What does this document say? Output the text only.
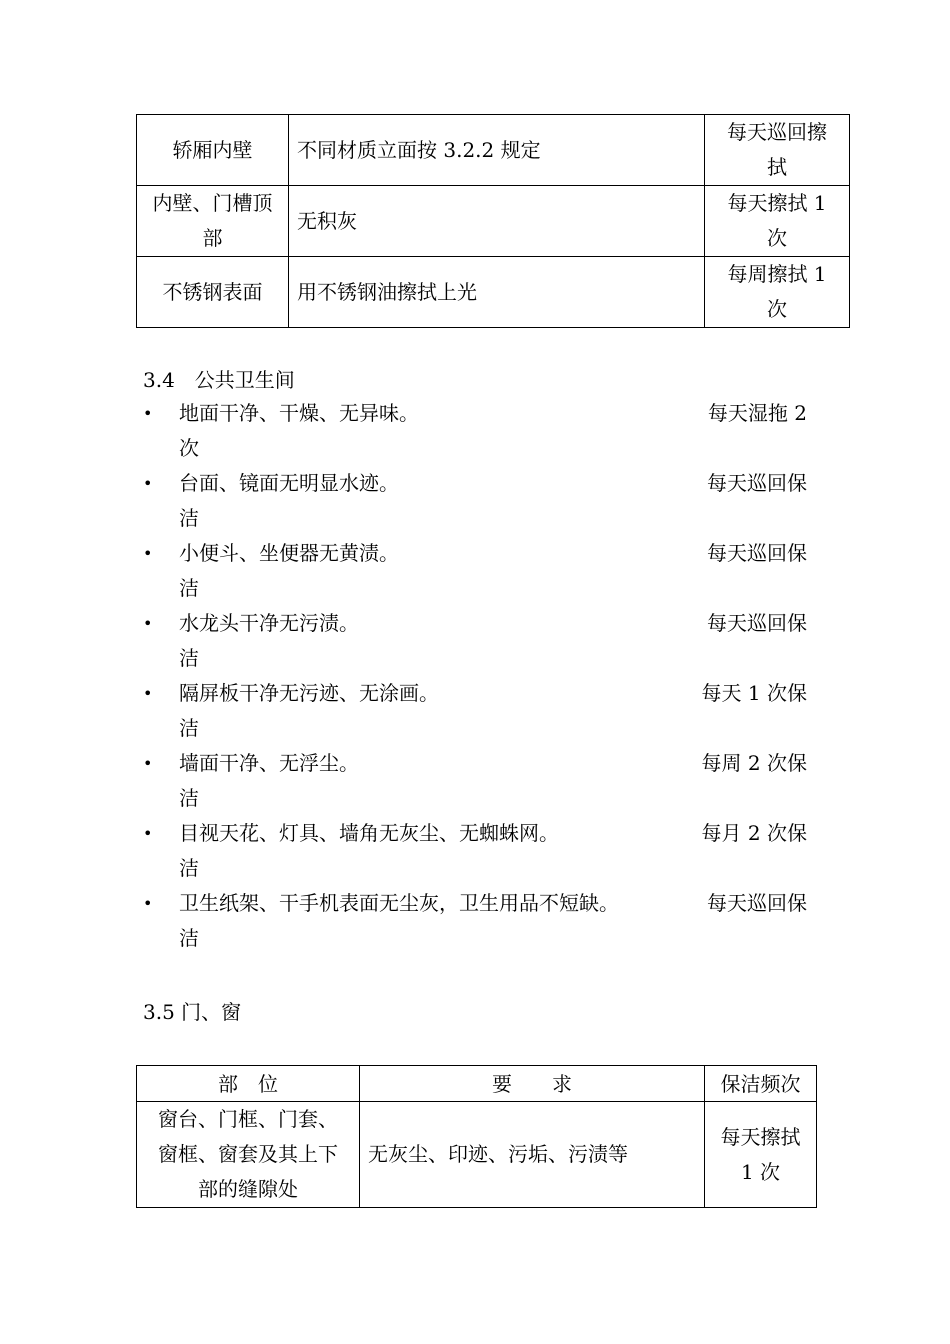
轿厢内壁	不同材质立面按 3.2.2 规定	每天巡回擦
拭
内壁、门槽顶
部	无积灰	每天擦拭 1
次
不锈钢表面	用不锈钢油擦拭上光	每周擦拭 1
次
3.4　公共卫生间
• 地面干净、干燥、无异味。	每天湿拖 2
次
• 台面、镜面无明显水迹。	每天巡回保
洁
• 小便斗、坐便器无黄渍。	每天巡回保
洁
• 水龙头干净无污渍。	每天巡回保
洁
• 隔屏板干净无污迹、无涂画。	每天 1 次保
洁
• 墙面干净、无浮尘。	每周 2 次保
洁
• 目视天花、灯具、墙角无灰尘、无蜘蛛网。	每月 2 次保
洁
• 卫生纸架、干手机表面无尘灰，卫生用品不短缺。	每天巡回保
洁
3.5 门、窗
部　位	要　　求	保洁频次
窗台、门框、门套、
窗框、窗套及其上下
部的缝隙处	无灰尘、印迹、污垢、污渍等	每天擦拭
1 次
